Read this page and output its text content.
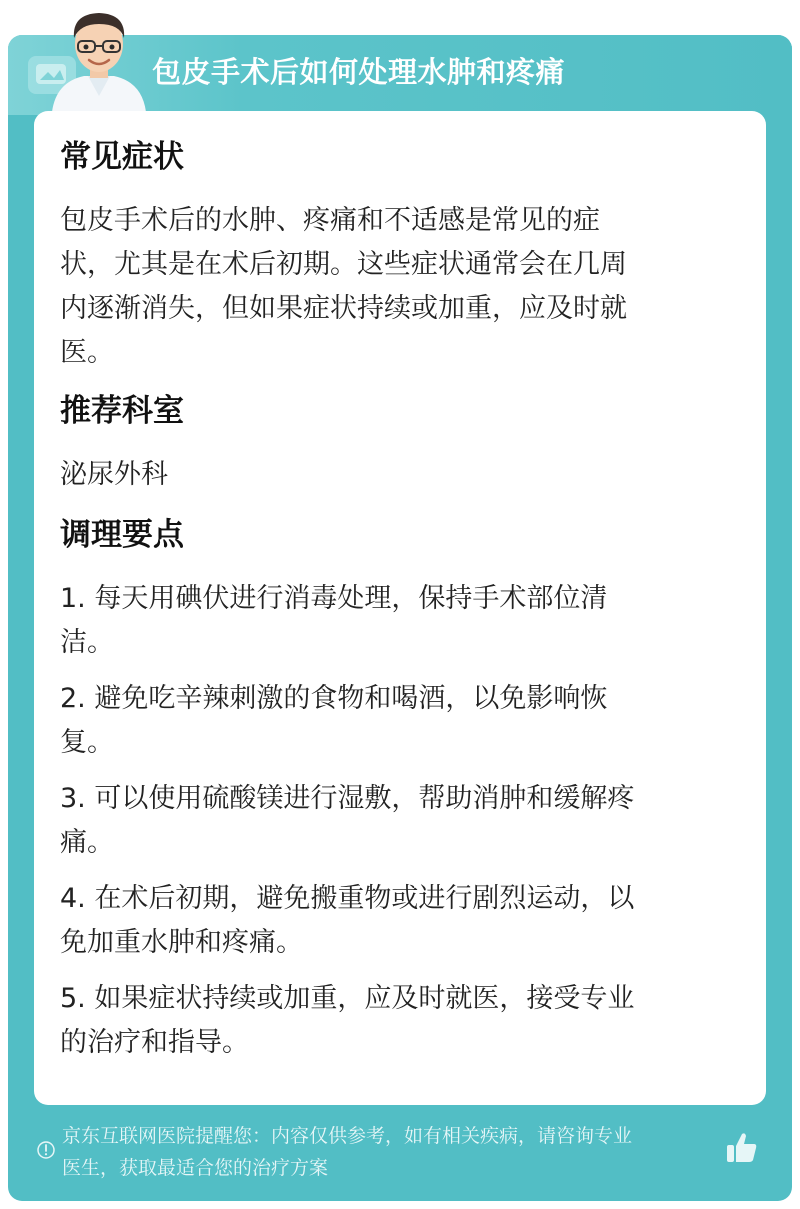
包皮手术后如何处理水肿和疼痛
常见症状
包皮手术后的水肿、疼痛和不适感是常见的症
状，尤其是在术后初期。这些症状通常会在几周
内逐渐消失，但如果症状持续或加重，应及时就
医。
推荐科室
泌尿外科
调理要点
1. 每天用碘伏进行消毒处理，保持手术部位清
洁。
2. 避免吃辛辣刺激的食物和喝酒，以免影响恢
复。
3. 可以使用硫酸镁进行湿敷，帮助消肿和缓解疼
痛。
4. 在术后初期，避免搬重物或进行剧烈运动，以
免加重水肿和疼痛。
5. 如果症状持续或加重，应及时就医，接受专业
的治疗和指导。
京东互联网医院提醒您：内容仅供参考，如有相关疾病，请咨询专业
医生，获取最适合您的治疗方案
